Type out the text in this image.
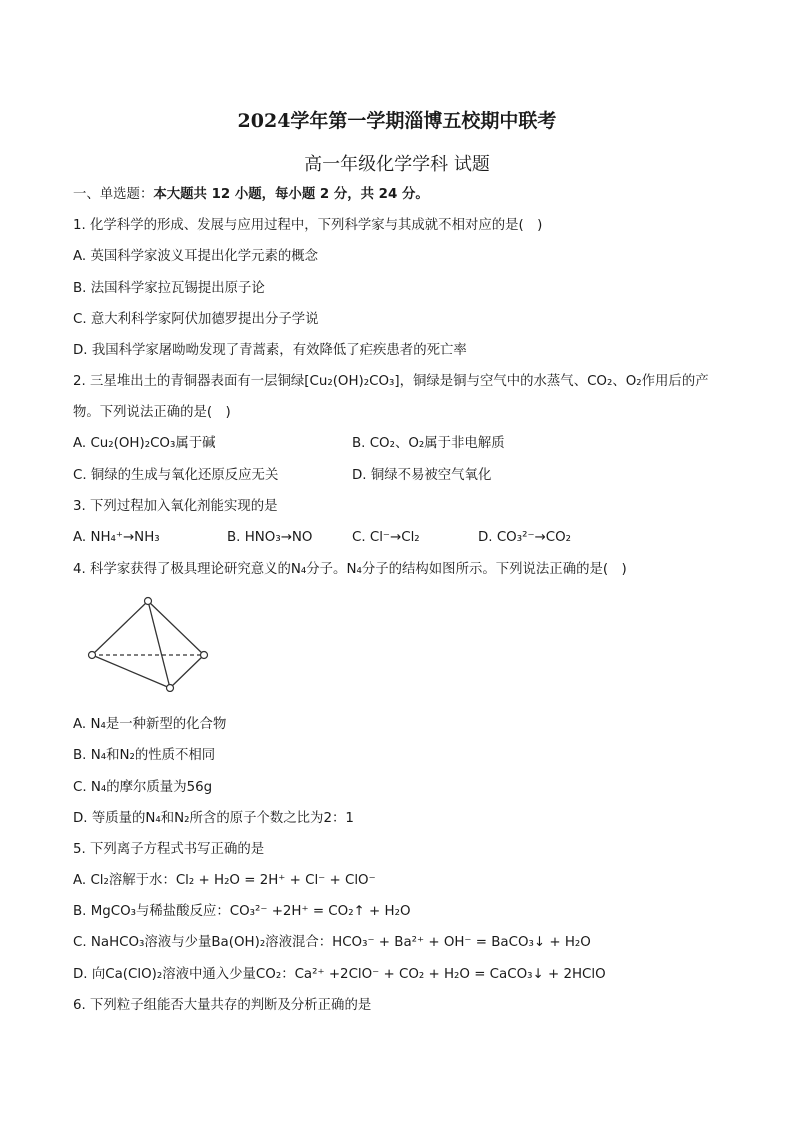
2024学年第一学期淄博五校期中联考
高一年级化学学科 试题
一、单选题：本大题共 12 小题，每小题 2 分，共 24 分。
1. 化学科学的形成、发展与应用过程中，下列科学家与其成就不相对应的是(　)
A. 英国科学家波义耳提出化学元素的概念
B. 法国科学家拉瓦锡提出原子论
C. 意大利科学家阿伏加德罗提出分子学说
D. 我国科学家屠呦呦发现了青蒿素，有效降低了疟疾患者的死亡率
2. 三星堆出土的青铜器表面有一层铜绿[Cu₂(OH)₂CO₃]，铜绿是铜与空气中的水蒸气、CO₂、O₂作用后的产
物。下列说法正确的是(　)
A. Cu₂(OH)₂CO₃属于碱	B. CO₂、O₂属于非电解质
C. 铜绿的生成与氧化还原反应无关	D. 铜绿不易被空气氧化
3. 下列过程加入氧化剂能实现的是
A. NH₄⁺→NH₃	B. HNO₃→NO	C. Cl⁻→Cl₂	D. CO₃²⁻→CO₂
4. 科学家获得了极具理论研究意义的N₄分子。N₄分子的结构如图所示。下列说法正确的是(　)
A. N₄是一种新型的化合物
B. N₄和N₂的性质不相同
C. N₄的摩尔质量为56g
D. 等质量的N₄和N₂所含的原子个数之比为2：1
5. 下列离子方程式书写正确的是
A. Cl₂溶解于水：Cl₂ + H₂O = 2H⁺ + Cl⁻ + ClO⁻
B. MgCO₃与稀盐酸反应：CO₃²⁻ +2H⁺ = CO₂↑ + H₂O
C. NaHCO₃溶液与少量Ba(OH)₂溶液混合：HCO₃⁻ + Ba²⁺ + OH⁻ = BaCO₃↓ + H₂O
D. 向Ca(ClO)₂溶液中通入少量CO₂：Ca²⁺ +2ClO⁻ + CO₂ + H₂O = CaCO₃↓ + 2HClO
6. 下列粒子组能否大量共存的判断及分析正确的是
